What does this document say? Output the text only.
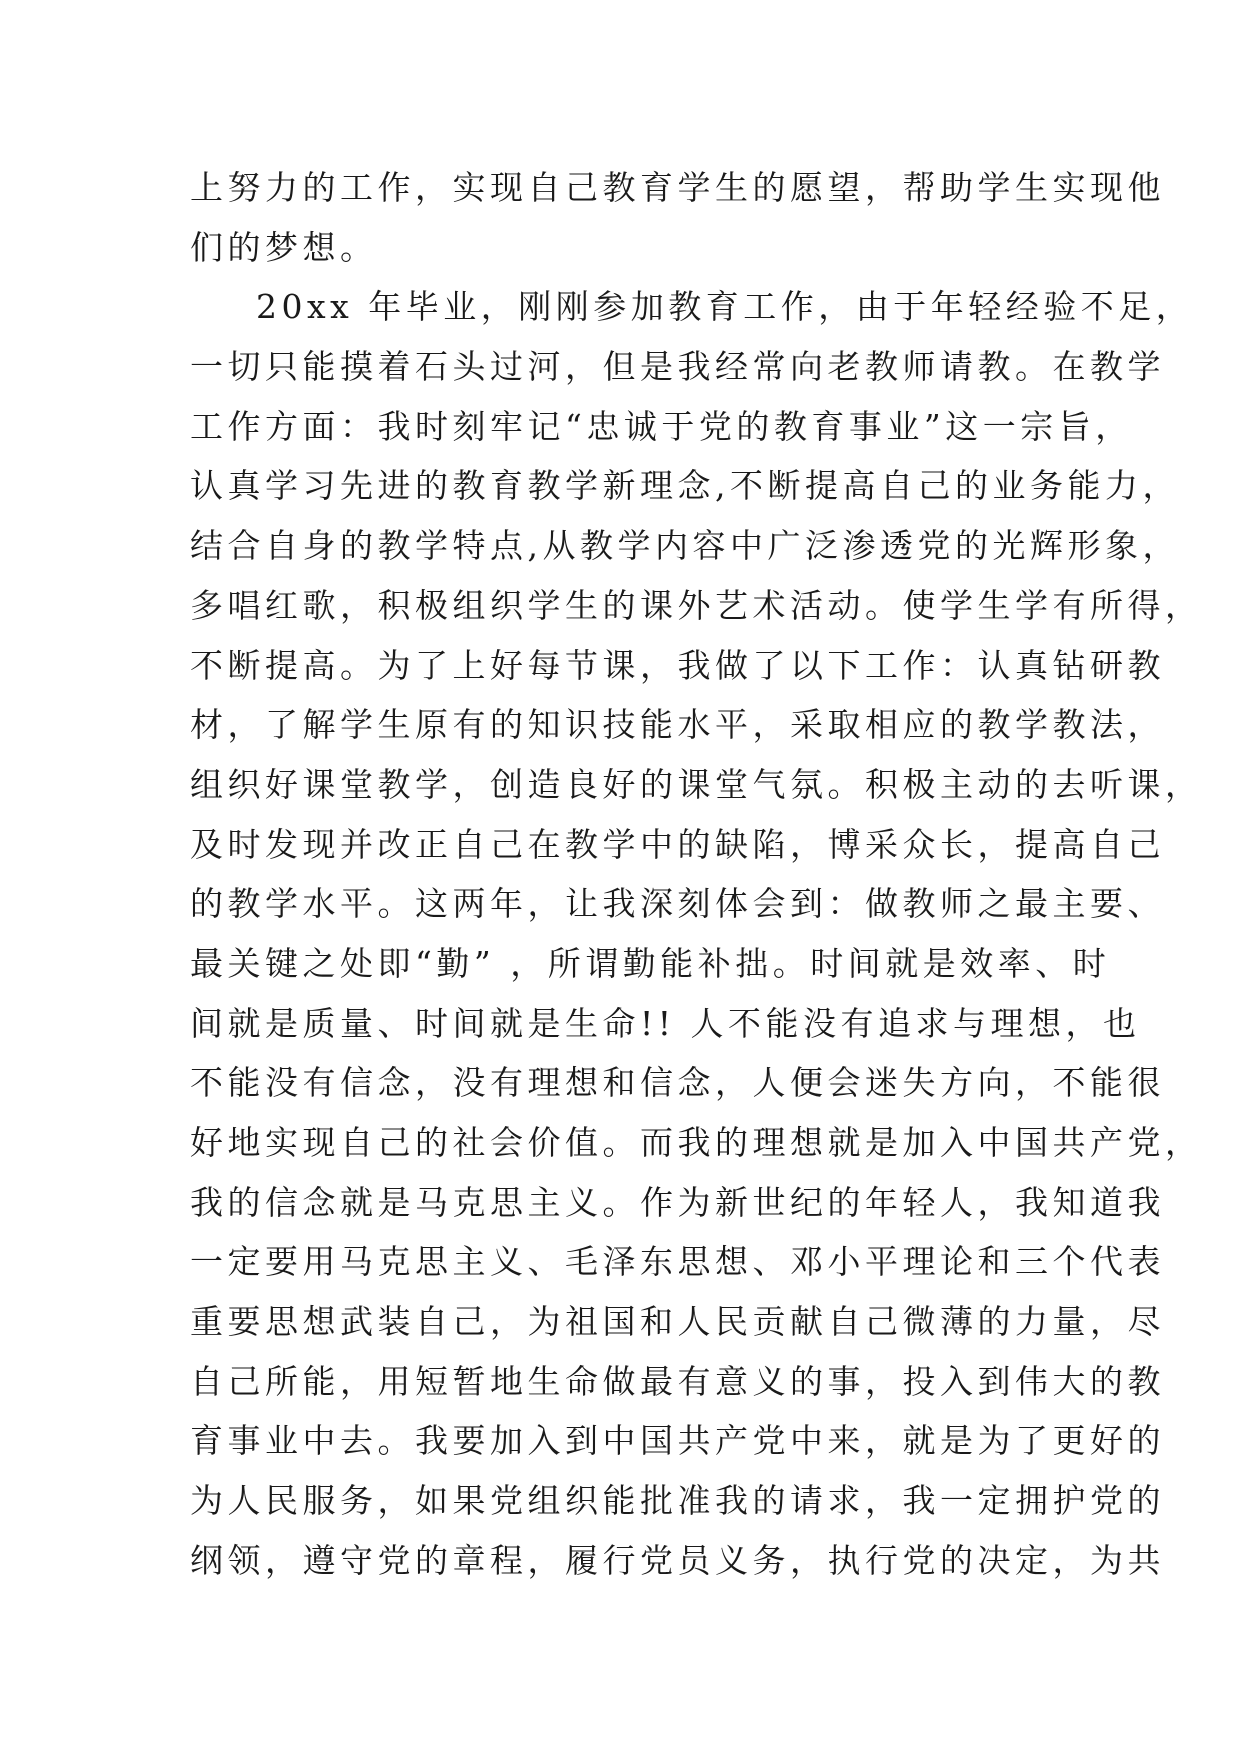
上努力的工作，实现自己教育学生的愿望，帮助学生实现他
们的梦想。
20xx 年毕业，刚刚参加教育工作，由于年轻经验不足，
一切只能摸着石头过河，但是我经常向老教师请教。在教学
工作方面：我时刻牢记“忠诚于党的教育事业”这一宗旨，
认真学习先进的教育教学新理念,不断提高自己的业务能力，
结合自身的教学特点,从教学内容中广泛渗透党的光辉形象，
多唱红歌，积极组织学生的课外艺术活动。使学生学有所得，
不断提高。为了上好每节课，我做了以下工作：认真钻研教
材，了解学生原有的知识技能水平，采取相应的教学教法，
组织好课堂教学，创造良好的课堂气氛。积极主动的去听课，
及时发现并改正自己在教学中的缺陷，博采众长，提高自己
的教学水平。这两年，让我深刻体会到：做教师之最主要、
最关键之处即“勤” ，所谓勤能补拙。时间就是效率、时
间就是质量、时间就是生命!! 人不能没有追求与理想，也
不能没有信念，没有理想和信念，人便会迷失方向，不能很
好地实现自己的社会价值。而我的理想就是加入中国共产党，
我的信念就是马克思主义。作为新世纪的年轻人，我知道我
一定要用马克思主义、毛泽东思想、邓小平理论和三个代表
重要思想武装自己，为祖国和人民贡献自己微薄的力量，尽
自己所能，用短暂地生命做最有意义的事，投入到伟大的教
育事业中去。我要加入到中国共产党中来，就是为了更好的
为人民服务，如果党组织能批准我的请求，我一定拥护党的
纲领，遵守党的章程，履行党员义务，执行党的决定，为共
